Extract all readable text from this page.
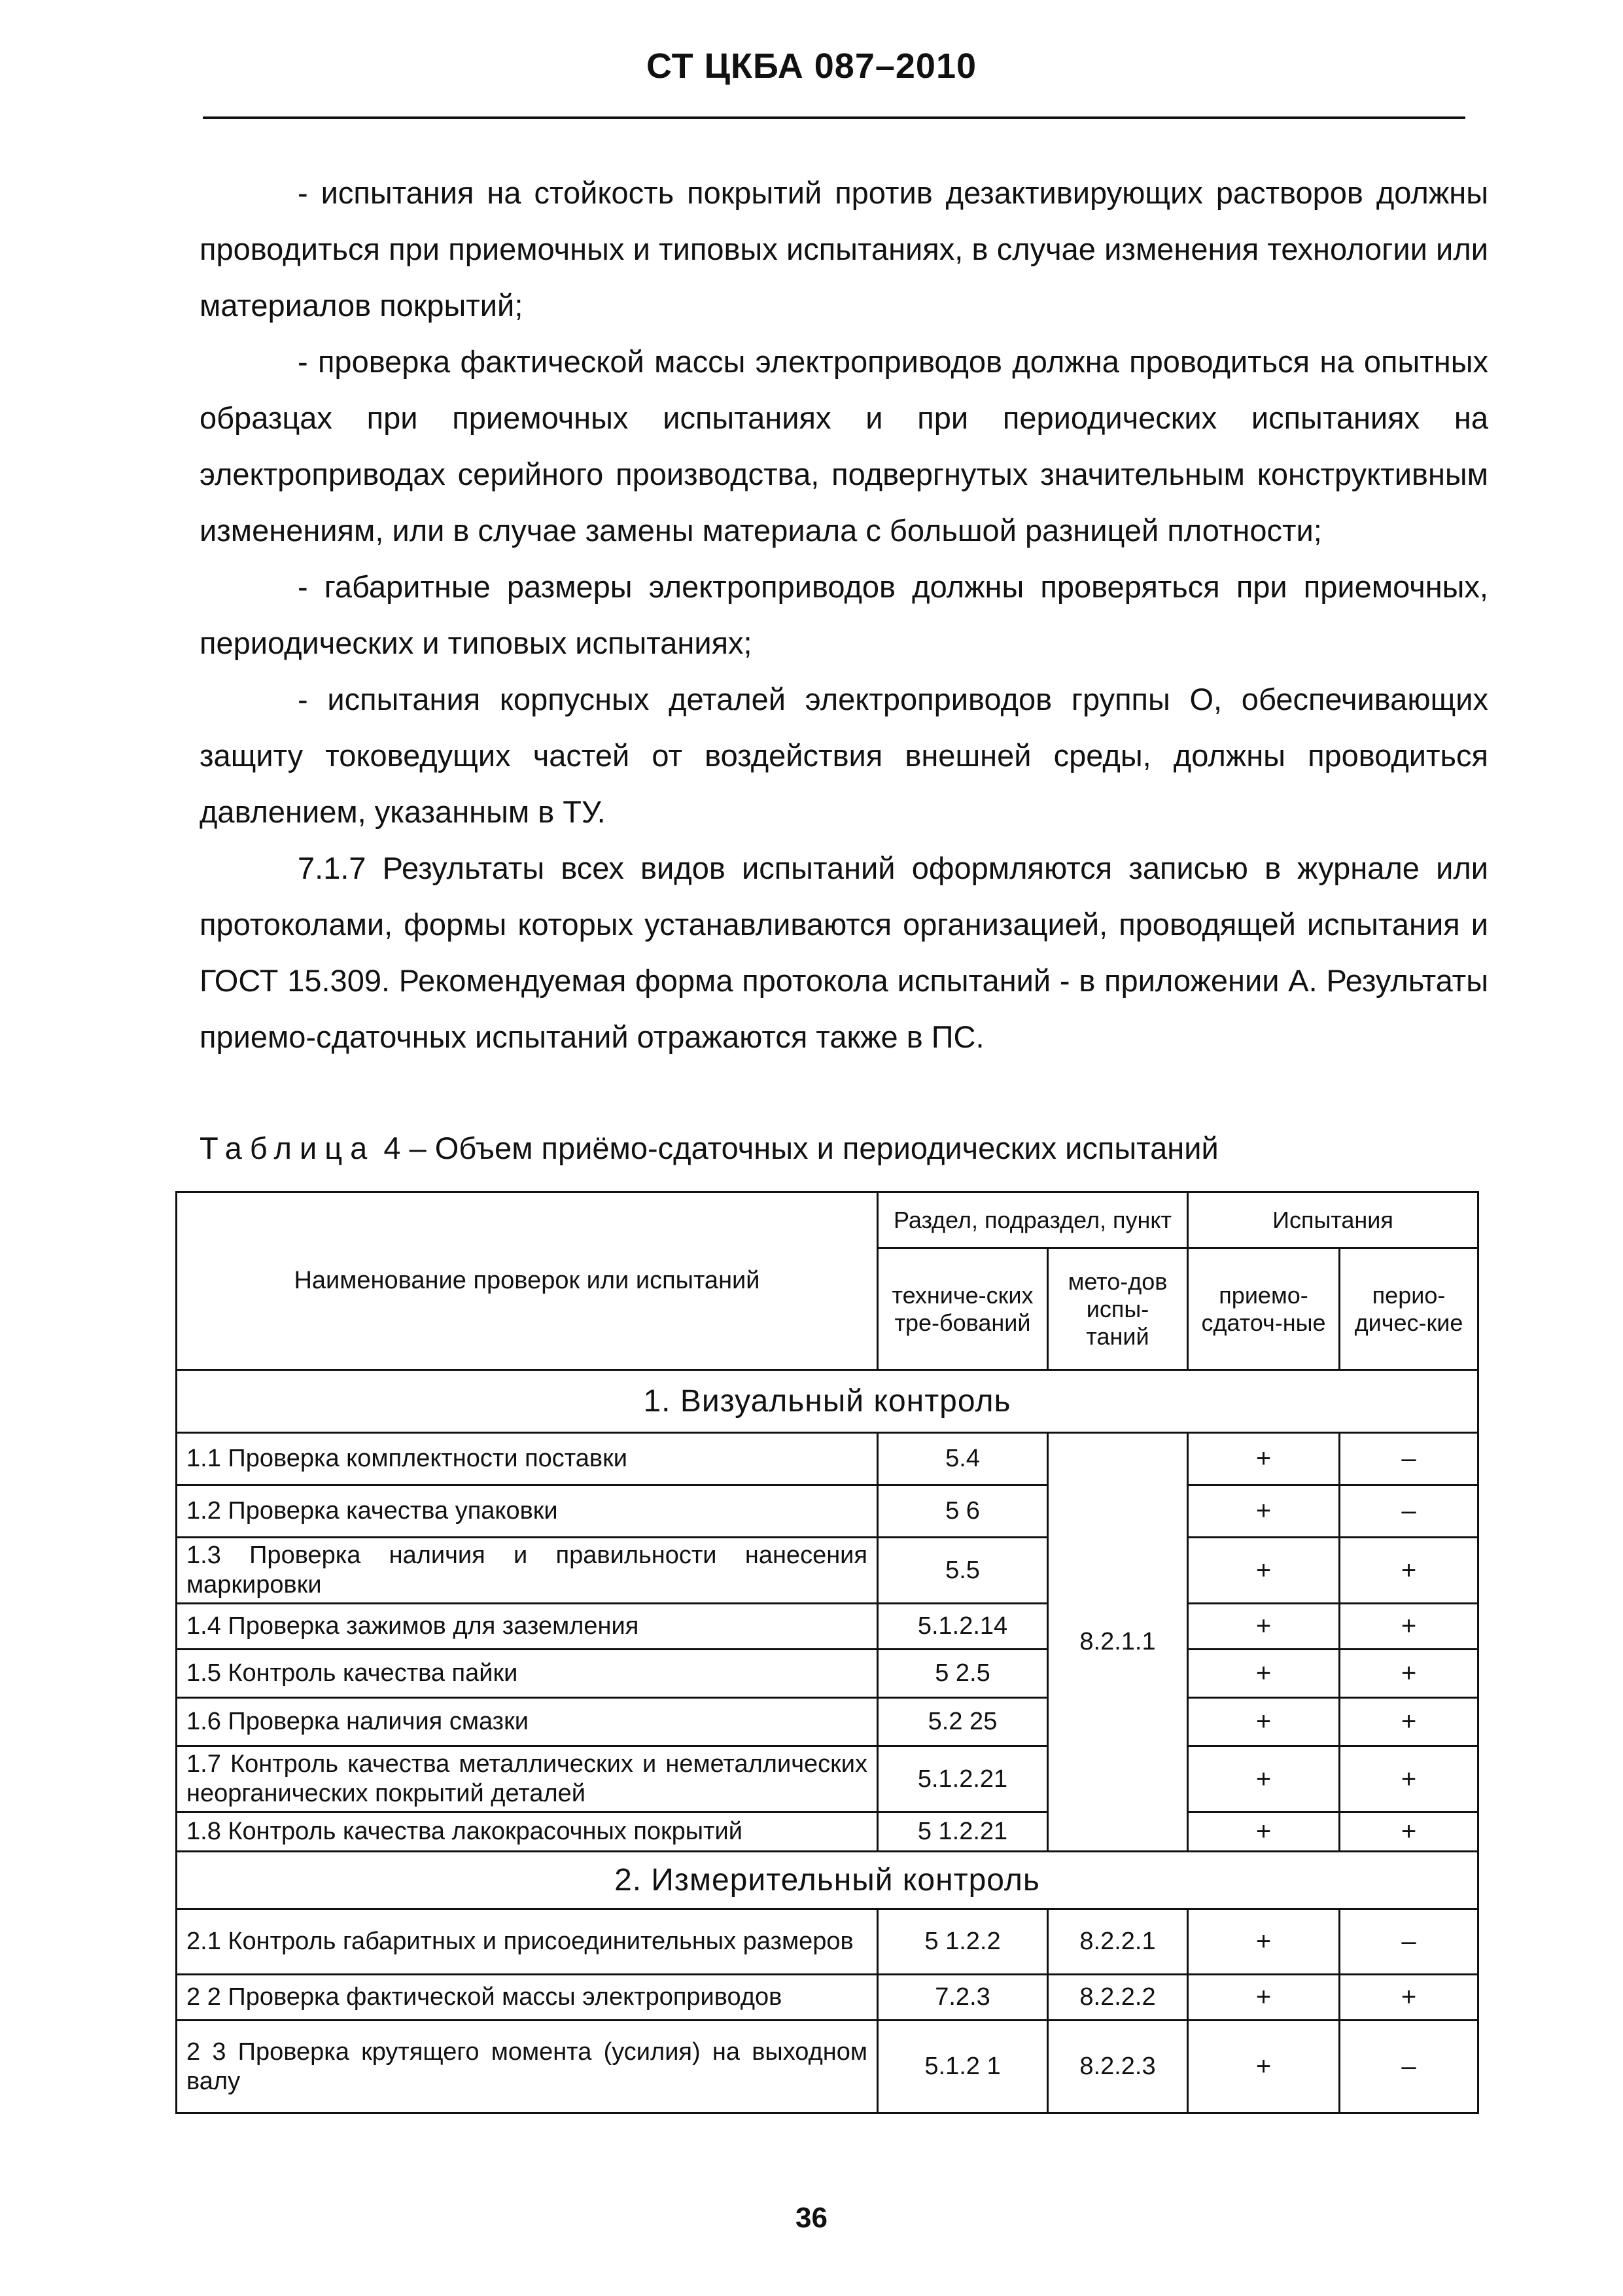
СТ ЦКБА 087–2010

- испытания на стойкость покрытий против дезактивирующих растворов должны проводиться при приемочных и типовых испытаниях, в случае изменения технологии или материалов покрытий;

- проверка фактической массы электроприводов должна проводиться на опытных образцах при приемочных испытаниях и при периодических испытаниях на электроприводах серийного производства, подвергнутых значительным конструктивным изменениям, или в случае замены материала с большой разницей плотности;

- габаритные размеры электроприводов должны проверяться при приемочных, периодических и типовых испытаниях;

- испытания корпусных деталей электроприводов группы О, обеспечивающих защиту токоведущих частей от воздействия внешней среды, должны проводиться давлением, указанным в ТУ.

7.1.7 Результаты всех видов испытаний оформляются записью в журнале или протоколами, формы которых устанавливаются организацией, проводящей испытания и ГОСТ 15.309. Рекомендуемая форма протокола испытаний - в приложении А. Результаты приемо-сдаточных испытаний отражаются также в ПС.

Таблица 4 – Объем приёмо-сдаточных и периодических испытаний
Наименование проверок или испытаний	Раздел, подраздел, пункт		Испытания	
	техниче-ских тре-бований	мето-дов испы-таний	приемо-сдаточ-ные	перио-дичес-кие
1. Визуальный контроль				
1.1 Проверка комплектности поставки	5.4	8.2.1.1	+	–
1.2 Проверка качества упаковки	5 6		+	–
1.3 Проверка наличия и правильности нанесения маркировки	5.5		+	+
1.4 Проверка зажимов для заземления	5.1.2.14		+	+
1.5 Контроль качества пайки	5 2.5		+	+
1.6 Проверка наличия смазки	5.2 25		+	+
1.7 Контроль качества металлических и неметаллических неорганических покрытий деталей	5.1.2.21		+	+
1.8 Контроль качества лакокрасочных покрытий	5 1.2.21		+	+
2. Измерительный контроль				
2.1 Контроль габаритных и присоединительных размеров	5 1.2.2	8.2.2.1	+	–
2 2 Проверка фактической массы электроприводов	7.2.3	8.2.2.2	+	+
2 3 Проверка крутящего момента (усилия) на выходном валу	5.1.2 1	8.2.2.3	+	–
36
